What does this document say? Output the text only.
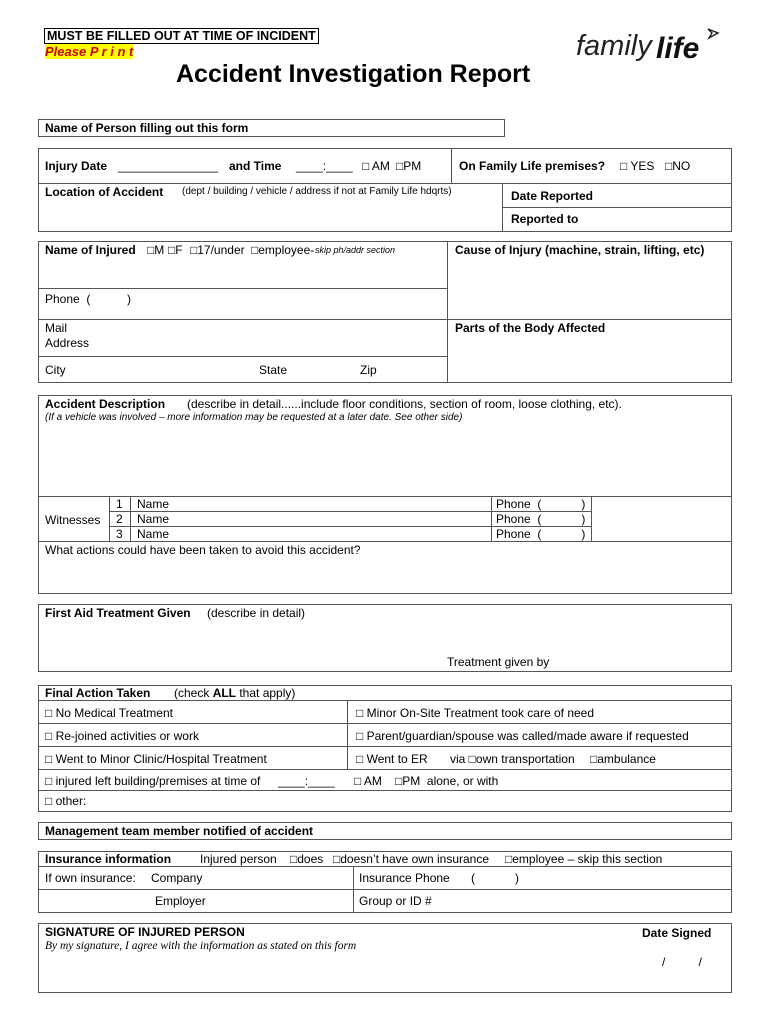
MUST BE FILLED OUT AT TIME OF INCIDENT
Please P r i n t
Accident Investigation Report
family life
Name of Person filling out this form
Injury Date _______________ and Time ____:____ □ AM □PM	On Family Life premises? □ YES □NO
Location of Accident (dept / building / vehicle / address if not at Family Life hdqrts)	Date Reported
Reported to
Name of Injured □M □F □17/under □employee- skip ph/addr section	Cause of Injury (machine, strain, lifting, etc)
Phone  (           )
Mail
Address
Parts of the Body Affected
City	State	Zip
Accident Description (describe in detail......include floor conditions, section of room, loose clothing, etc).
(If a vehicle was involved – more information may be requested at a later date. See other side)
Witnesses
1 Name	Phone  (            )
2 Name	Phone  (            )
3 Name	Phone  (            )
What actions could have been taken to avoid this accident?
First Aid Treatment Given (describe in detail)
Treatment given by
Final Action Taken (check ALL that apply)
□ No Medical Treatment	□ Minor On-Site Treatment took care of need
□ Re-joined activities or work	□ Parent/guardian/spouse was called/made aware if requested
□ Went to Minor Clinic/Hospital Treatment	□ Went to ER via □own transportation □ambulance
□ injured left building/premises at time of ____:____ □ AM □PM  alone, or with
□ other:
Management team member notified of accident
Insurance information Injured person □does □doesn’t have own insurance □employee – skip this section
If own insurance: Company	Insurance Phone (            )
Employer	Group or ID #
SIGNATURE OF INJURED PERSON
By my signature, I agree with the information as stated on this form
Date Signed
/          /
